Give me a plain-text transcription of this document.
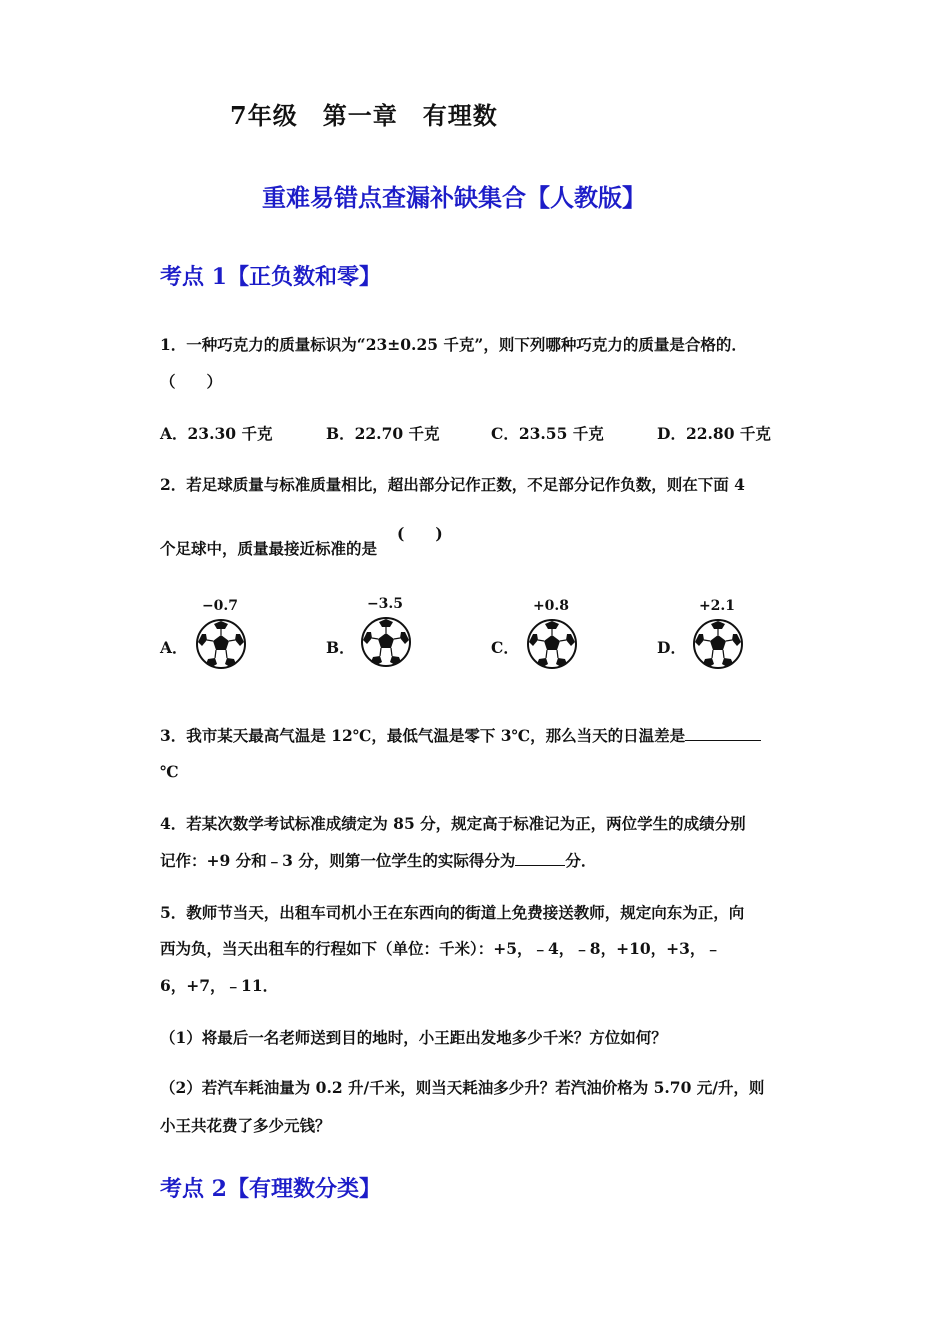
7年级　第一章　有理数
重难易错点查漏补缺集合【人教版】
考点 1【正负数和零】
1．一种巧克力的质量标识为“23±0.25 千克”，则下列哪种巧克力的质量是合格的．
（　　）
A．23.30 千克	B．22.70 千克	C．23.55 千克	D．22.80 千克
2．若足球质量与标准质量相比，超出部分记作正数，不足部分记作负数，则在下面 4
个足球中，质量最接近标准的是
(　　)
A．
−0.7
B．
−3.5
C．
+0.8
D．
+2.1
3．我市某天最高气温是 12℃，最低气温是零下 3℃，那么当天的日温差是
℃
4．若某次数学考试标准成绩定为 85 分，规定高于标准记为正，两位学生的成绩分别
记作：+9 分和﹣3 分，则第一位学生的实际得分为	分．
5．教师节当天，出租车司机小王在东西向的街道上免费接送教师，规定向东为正，向
西为负，当天出租车的行程如下（单位：千米）：+5，﹣4，﹣8，+10，+3，﹣
6，+7，﹣11．
（1）将最后一名老师送到目的地时，小王距出发地多少千米？方位如何？
（2）若汽车耗油量为 0.2 升/千米，则当天耗油多少升？若汽油价格为 5.70 元/升，则
小王共花费了多少元钱？
考点 2【有理数分类】
